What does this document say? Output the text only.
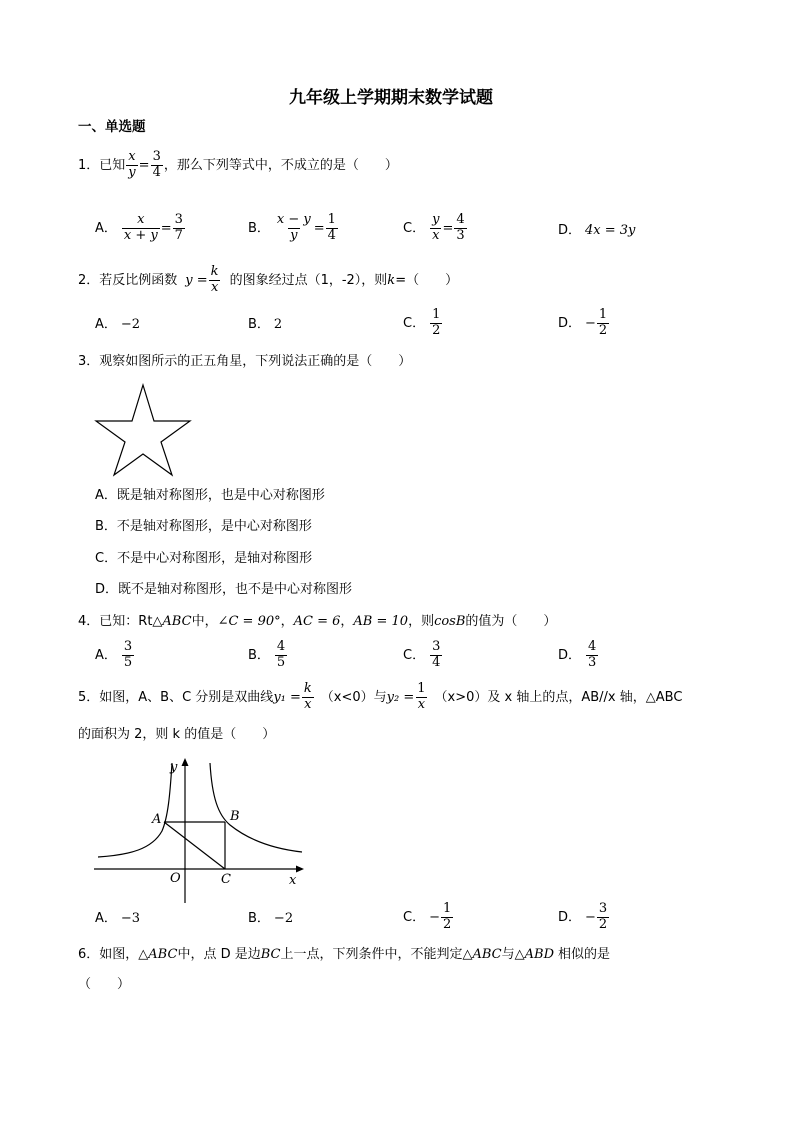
九年级上学期期末数学试题
一、单选题
1． 已知 $\frac{x}{y} = \frac{3}{4}$ ，那么下列等式中，不成立的是（　　）
A． $\frac{x}{x + y} = \frac{3}{7}$	B． $\frac{x - y}{y} = \frac{1}{4}$	C． $\frac{y}{x} = \frac{4}{3}$	D． 4x = 3y
2． 若反比例函数 $y = \frac{k}{x}$ 的图象经过点（1，-2），则 k =（　　）
A． −2	B． 2	C． $\frac{1}{2}$	D． − $\frac{1}{2}$
3．观察如图所示的正五角星，下列说法正确的是（　　）
A．既是轴对称图形，也是中心对称图形
B．不是轴对称图形，是中心对称图形
C．不是中心对称图形，是轴对称图形
D．既不是轴对称图形，也不是中心对称图形
4． 已知：Rt △ABC 中， ∠C = 90° ， AC = 6 ， AB = 10 ，则 cosB 的值为（　　）
A． $\frac{3}{5}$	B． $\frac{4}{5}$	C． $\frac{3}{4}$	D． $\frac{4}{3}$
5． 如图，A、B、C 分别是双曲线 $y_1 = \frac{k}{x} (x<0)$与 $y_2 = \frac{1}{x} (x>0)$及 x 轴上的点，AB//x 轴，△ABC
的面积为 2，则 k 的值是（　　）
y
A	B
O	C	x
A． −3	B． −2	C． − $\frac{1}{2}$	D． − $\frac{3}{2}$
6． 如图， △ABC 中，点 D 是边 BC 上一点，下列条件中，不能判定 △ABC 与 △ABD 相似的是
（　　）
